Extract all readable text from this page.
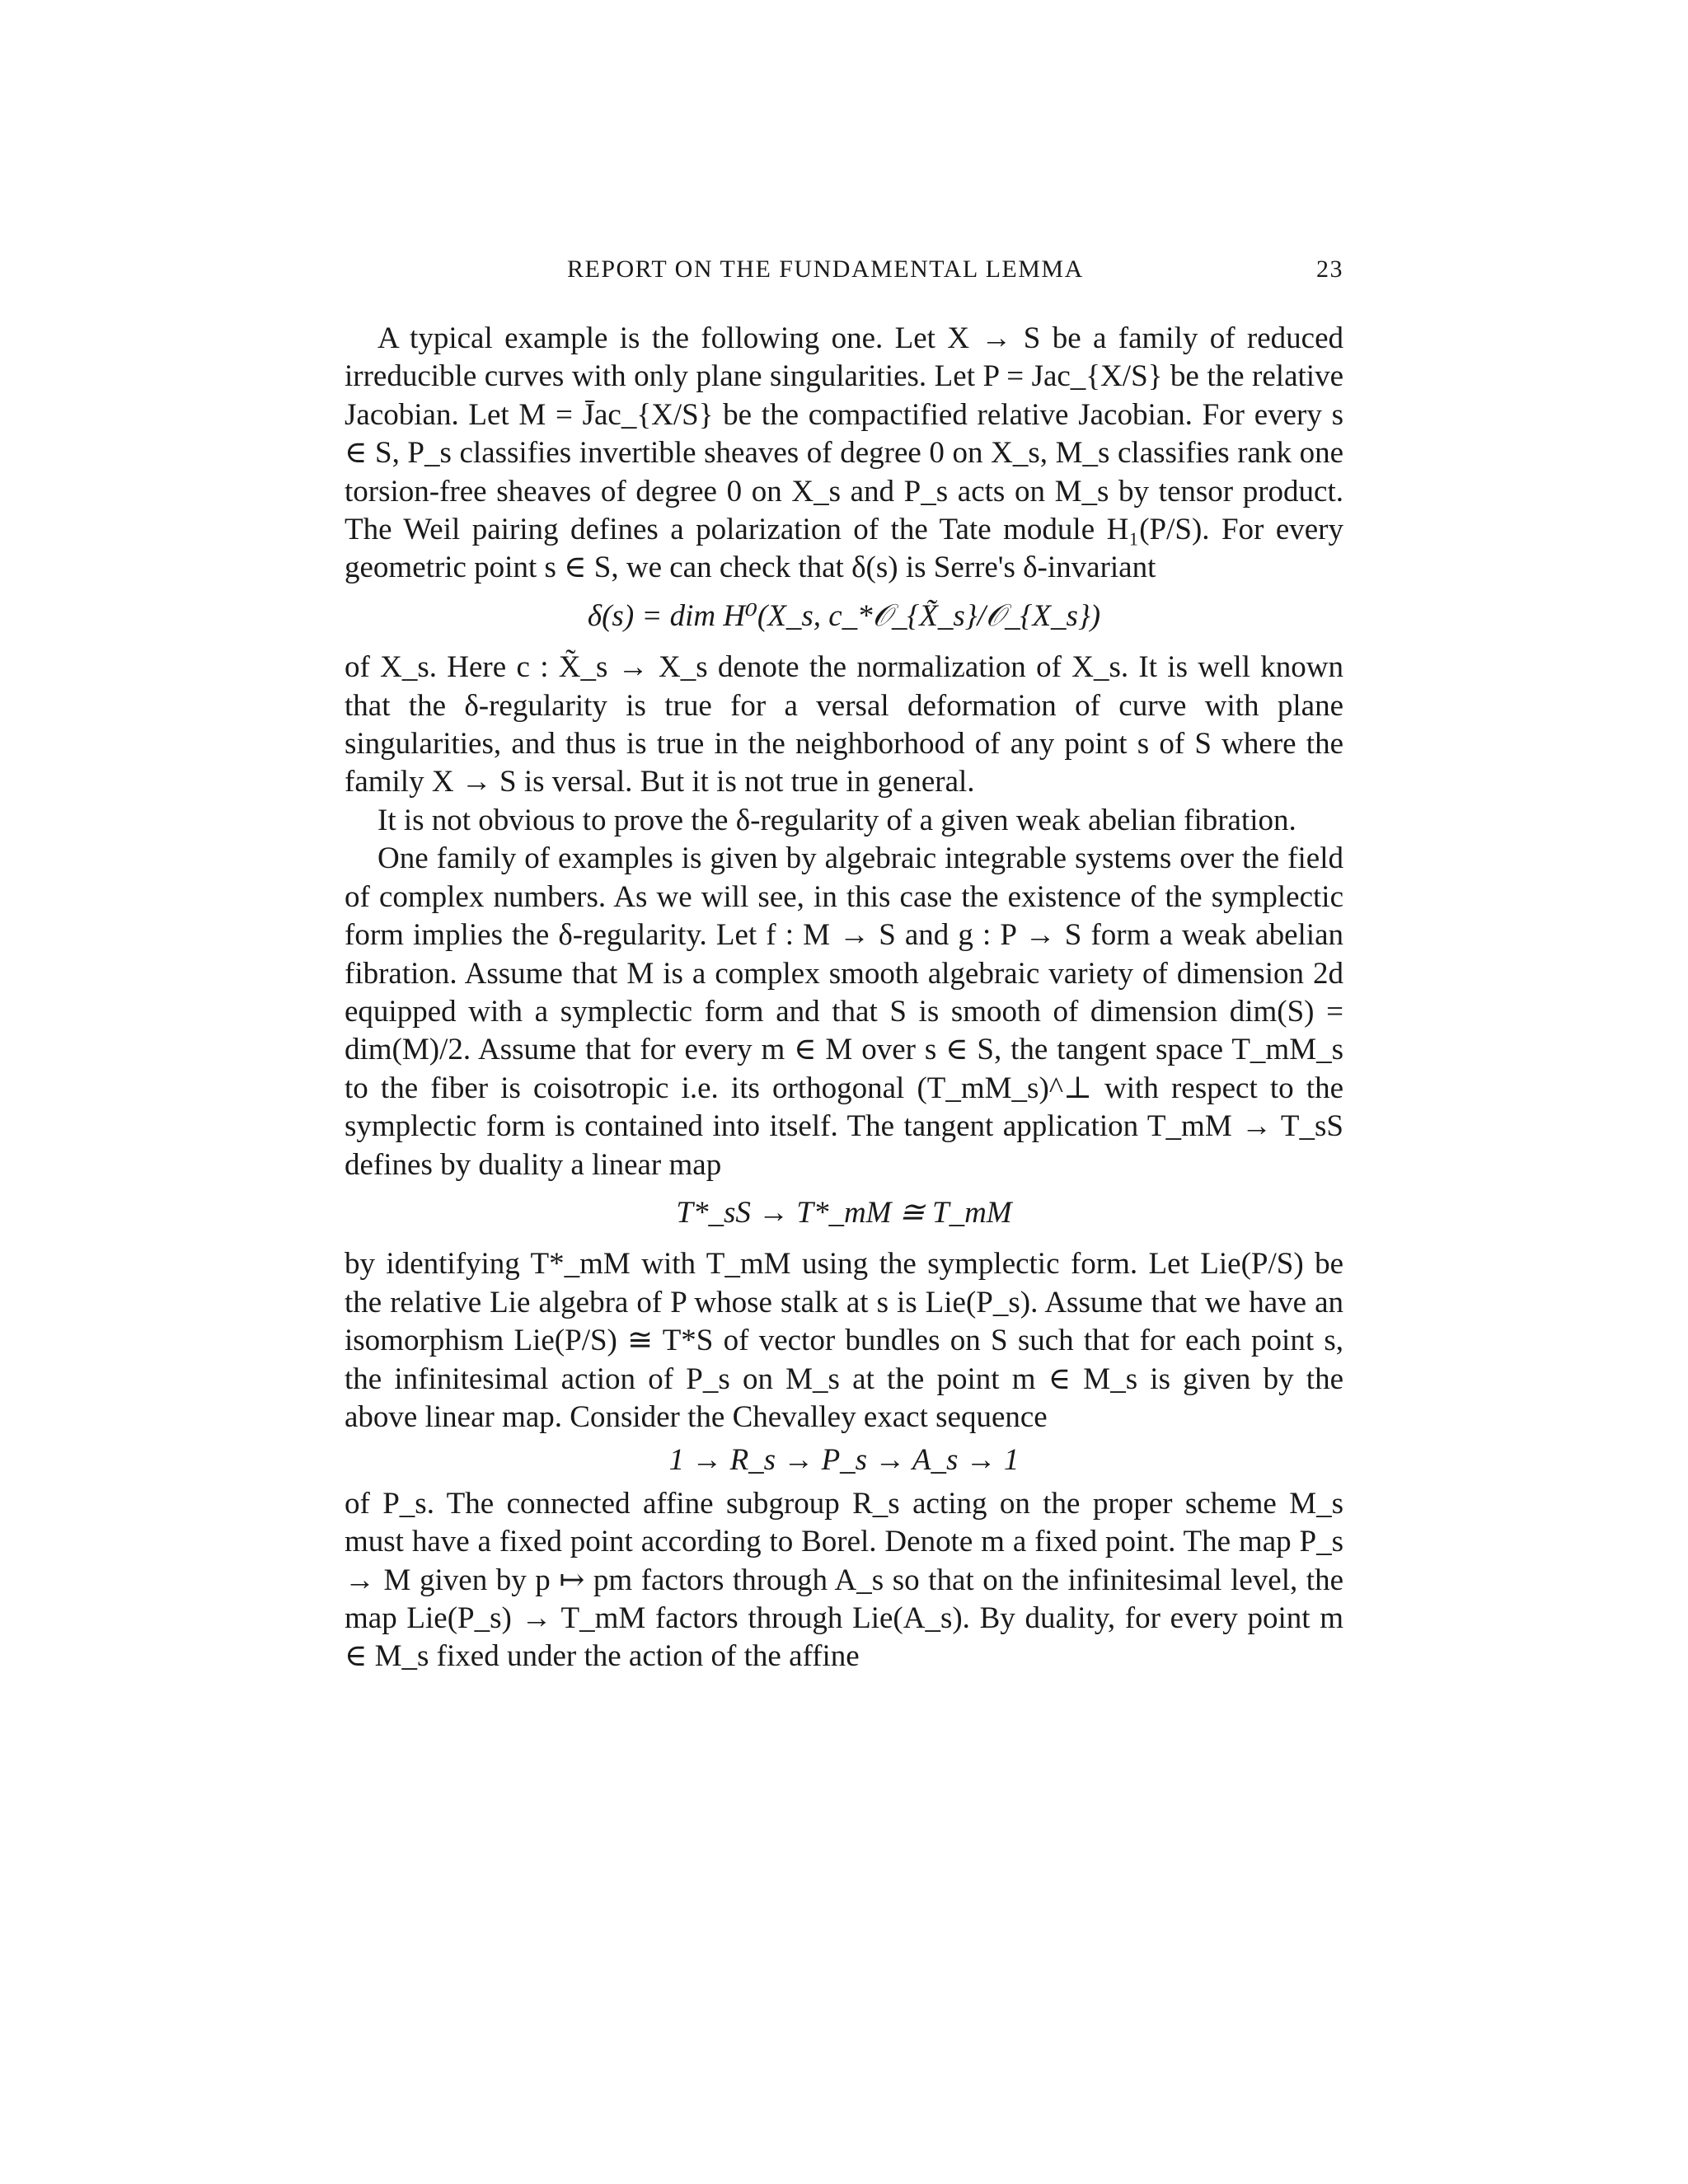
REPORT ON THE FUNDAMENTAL LEMMA	23

A typical example is the following one. Let X → S be a family of reduced irreducible curves with only plane singularities. Let P = Jac_{X/S} be the relative Jacobian. Let M = J̄ac_{X/S} be the compactified relative Jacobian. For every s ∈ S, P_s classifies invertible sheaves of degree 0 on X_s, M_s classifies rank one torsion-free sheaves of degree 0 on X_s and P_s acts on M_s by tensor product. The Weil pairing defines a polarization of the Tate module H₁(P/S). For every geometric point s ∈ S, we can check that δ(s) is Serre's δ-invariant

δ(s) = dim H⁰(X_s, c_*𝒪_{X̃_s}/𝒪_{X_s})

of X_s. Here c : X̃_s → X_s denote the normalization of X_s. It is well known that the δ-regularity is true for a versal deformation of curve with plane singularities, and thus is true in the neighborhood of any point s of S where the family X → S is versal. But it is not true in general.

It is not obvious to prove the δ-regularity of a given weak abelian fibration.

One family of examples is given by algebraic integrable systems over the field of complex numbers. As we will see, in this case the existence of the symplectic form implies the δ-regularity. Let f : M → S and g : P → S form a weak abelian fibration. Assume that M is a complex smooth algebraic variety of dimension 2d equipped with a symplectic form and that S is smooth of dimension dim(S) = dim(M)/2. Assume that for every m ∈ M over s ∈ S, the tangent space T_mM_s to the fiber is coisotropic i.e. its orthogonal (T_mM_s)^⊥ with respect to the symplectic form is contained into itself. The tangent application T_mM → T_sS defines by duality a linear map

T*_sS → T*_mM ≅ T_mM

by identifying T*_mM with T_mM using the symplectic form. Let Lie(P/S) be the relative Lie algebra of P whose stalk at s is Lie(P_s). Assume that we have an isomorphism Lie(P/S) ≅ T*S of vector bundles on S such that for each point s, the infinitesimal action of P_s on M_s at the point m ∈ M_s is given by the above linear map. Consider the Chevalley exact sequence

1 → R_s → P_s → A_s → 1

of P_s. The connected affine subgroup R_s acting on the proper scheme M_s must have a fixed point according to Borel. Denote m a fixed point. The map P_s → M given by p ↦ pm factors through A_s so that on the infinitesimal level, the map Lie(P_s) → T_mM factors through Lie(A_s). By duality, for every point m ∈ M_s fixed under the action of the affine
